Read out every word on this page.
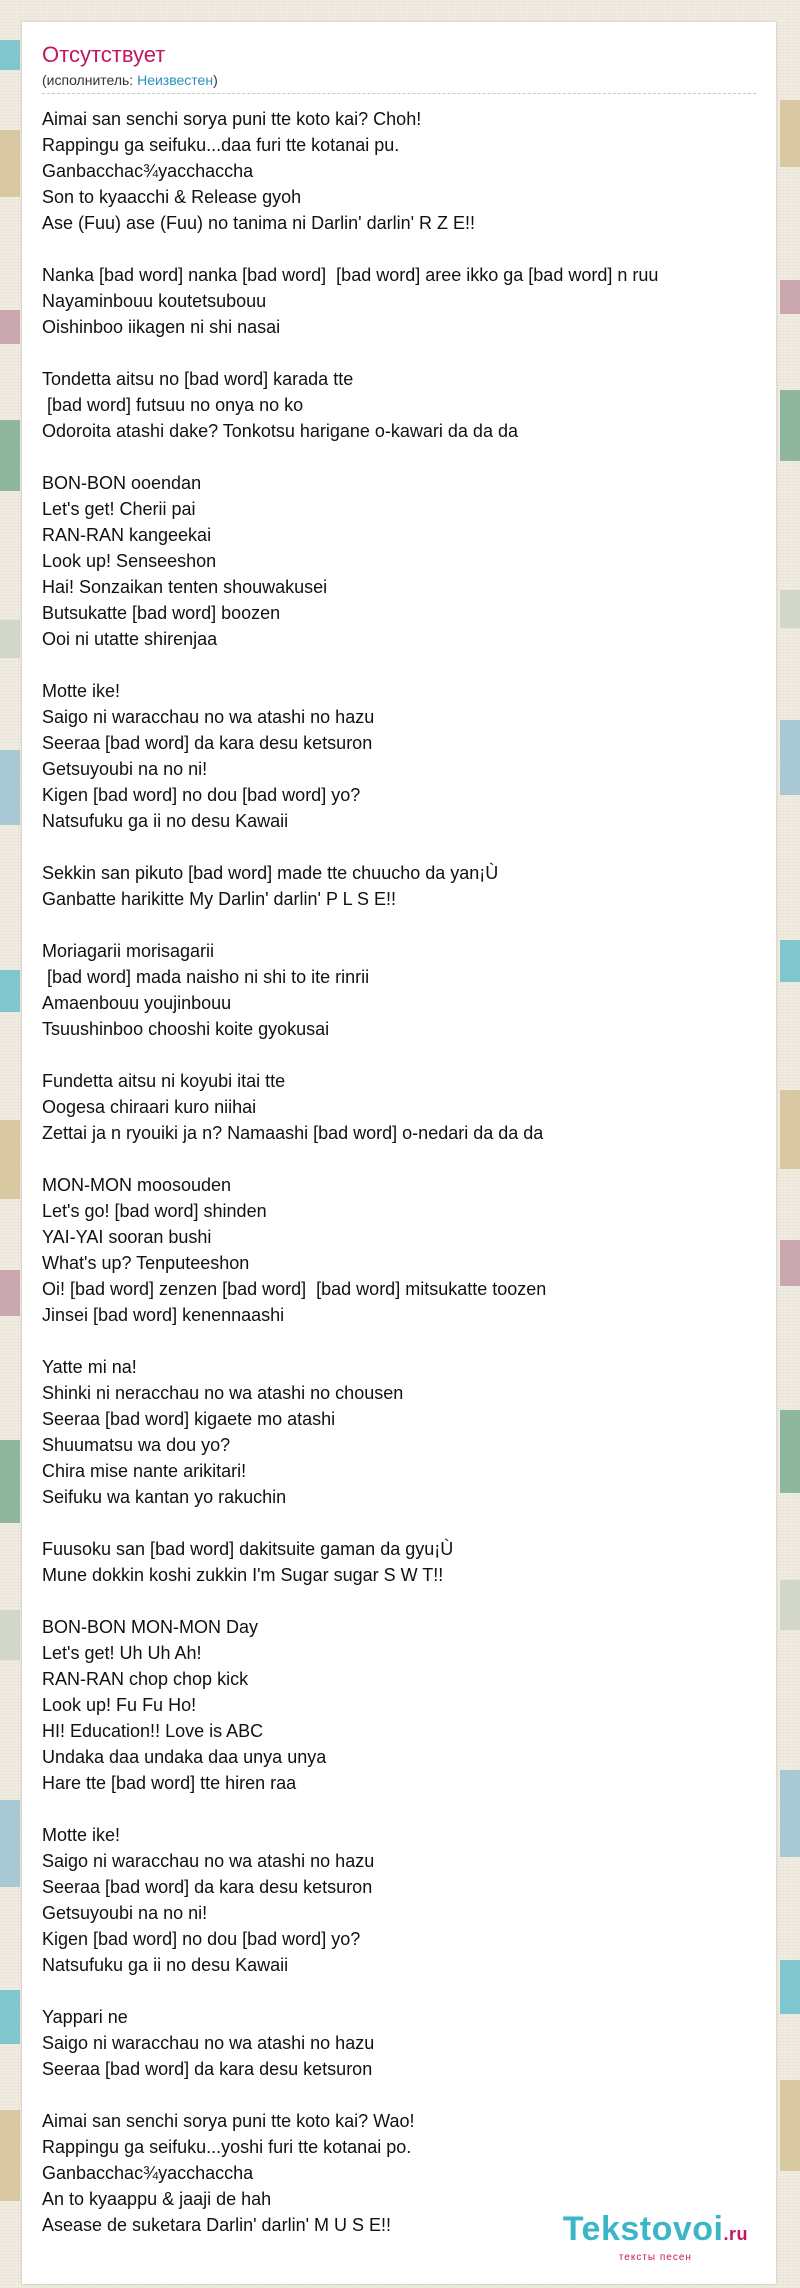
Отсутствует
(исполнитель: Неизвестен)
Aimai san senchi sorya puni tte koto kai? Choh!
Rappingu ga seifuku...daa furi tte kotanai pu.
Ganbacchaс¾yacchaccha
Son to kyaacchi & Release gyoh
Ase (Fuu) ase (Fuu) no tanima ni Darlin' darlin' R Z E!!
Nanka [bad word] nanka [bad word]  [bad word] aree ikko ga [bad word] n ruu
Nayaminbouu koutetsubouu
Oishinboo iikagen ni shi nasai
Tondetta aitsu no [bad word] karada tte
[bad word] futsuu no onya no ko
Odoroita atashi dake? Tonkotsu harigane o-kawari da da da
BON-BON ooendan
Let's get! Cherii pai
RAN-RAN kangeekai
Look up! Senseeshon
Hai! Sonzaikan tenten shouwakusei
Butsukatte [bad word] boozen
Ooi ni utatte shirenjaa
Motte ike!
Saigo ni waracchau no wa atashi no hazu
Seeraa [bad word] da kara desu ketsuron
Getsuyoubi na no ni!
Kigen [bad word] no dou [bad word] yo?
Natsufuku ga ii no desu Kawaii
Sekkin san pikuto [bad word] made tte chuucho da yan¡Ù
Ganbatte harikitte My Darlin' darlin' P L S E!!
Moriagarii morisagarii
[bad word] mada naisho ni shi to ite rinrii
Amaenbouu youjinbouu
Tsuushinboo chooshi koite gyokusai
Fundetta aitsu ni koyubi itai tte
Oogesa chiraari kuro niihai
Zettai ja n ryouiki ja n? Namaashi [bad word] o-nedari da da da
MON-MON moosouden
Let's go! [bad word] shinden
YAI-YAI sooran bushi
What's up? Tenputeeshon
Oi! [bad word] zenzen [bad word]  [bad word] mitsukatte toozen
Jinsei [bad word] kenennaashi
Yatte mi na!
Shinki ni neracchau no wa atashi no chousen
Seeraa [bad word] kigaete mo atashi
Shuumatsu wa dou yo?
Chira mise nante arikitari!
Seifuku wa kantan yo rakuchin
Fuusoku san [bad word] dakitsuite gaman da gyu¡Ù
Mune dokkin koshi zukkin I'm Sugar sugar S W T!!
BON-BON MON-MON Day
Let's get! Uh Uh Ah!
RAN-RAN chop chop kick
Look up! Fu Fu Ho!
HI! Education!! Love is ABC
Undaka daa undaka daa unya unya
Hare tte [bad word] tte hiren raa
Motte ike!
Saigo ni waracchau no wa atashi no hazu
Seeraa [bad word] da kara desu ketsuron
Getsuyoubi na no ni!
Kigen [bad word] no dou [bad word] yo?
Natsufuku ga ii no desu Kawaii
Yappari ne
Saigo ni waracchau no wa atashi no hazu
Seeraa [bad word] da kara desu ketsuron
Aimai san senchi sorya puni tte koto kai? Wao!
Rappingu ga seifuku...yoshi furi tte kotanai po.
Ganbacchaс¾yacchaccha
An to kyaappu & jaaji de hah
Asease de suketara Darlin' darlin' M U S E!!	Tekstovoi.ru
тексты песен
